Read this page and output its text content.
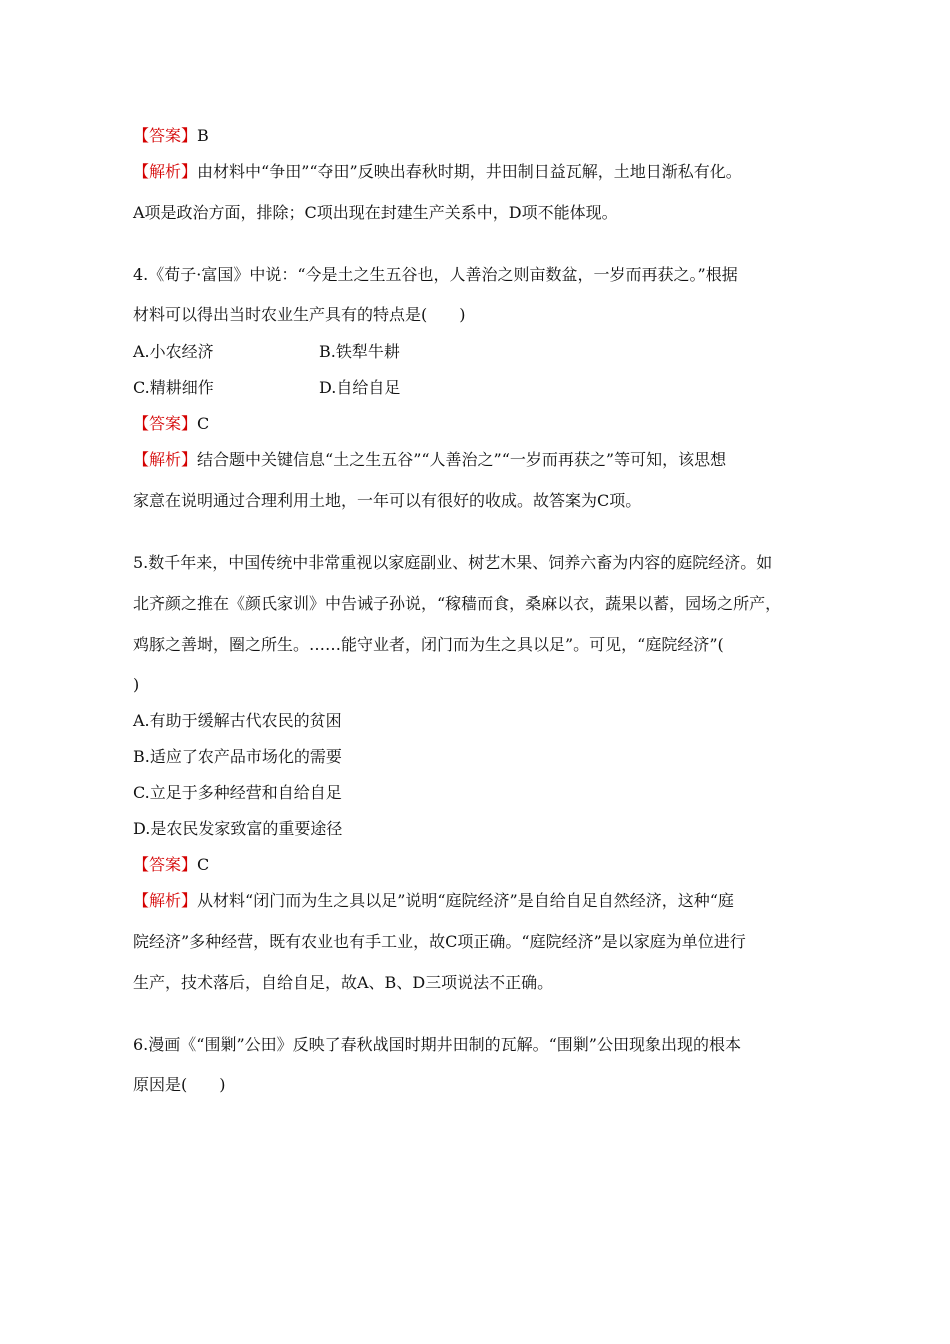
【答案】B
【解析】由材料中“争田”“夺田”反映出春秋时期，井田制日益瓦解，土地日渐私有化。
A项是政治方面，排除；C项出现在封建生产关系中，D项不能体现。
4.《荀子·富国》中说：“今是土之生五谷也，人善治之则亩数盆，一岁而再获之。”根据
材料可以得出当时农业生产具有的特点是(　　)
A.小农经济	B.铁犁牛耕
C.精耕细作	D.自给自足
【答案】C
【解析】结合题中关键信息“土之生五谷”“人善治之”“一岁而再获之”等可知，该思想
家意在说明通过合理利用土地，一年可以有很好的收成。故答案为C项。
5.数千年来，中国传统中非常重视以家庭副业、树艺木果、饲养六畜为内容的庭院经济。如
北齐颜之推在《颜氏家训》中告诫子孙说，“稼穑而食，桑麻以衣，蔬果以蓄，园场之所产，
鸡豚之善埘，圈之所生。……能守业者，闭门而为生之具以足”。可见，“庭院经济”(
)
A.有助于缓解古代农民的贫困
B.适应了农产品市场化的需要
C.立足于多种经营和自给自足
D.是农民发家致富的重要途径
【答案】C
【解析】从材料“闭门而为生之具以足”说明“庭院经济”是自给自足自然经济，这种“庭
院经济”多种经营，既有农业也有手工业，故C项正确。“庭院经济”是以家庭为单位进行
生产，技术落后，自给自足，故A、B、D三项说法不正确。
6.漫画《“围剿”公田》反映了春秋战国时期井田制的瓦解。“围剿”公田现象出现的根本
原因是(　　)
